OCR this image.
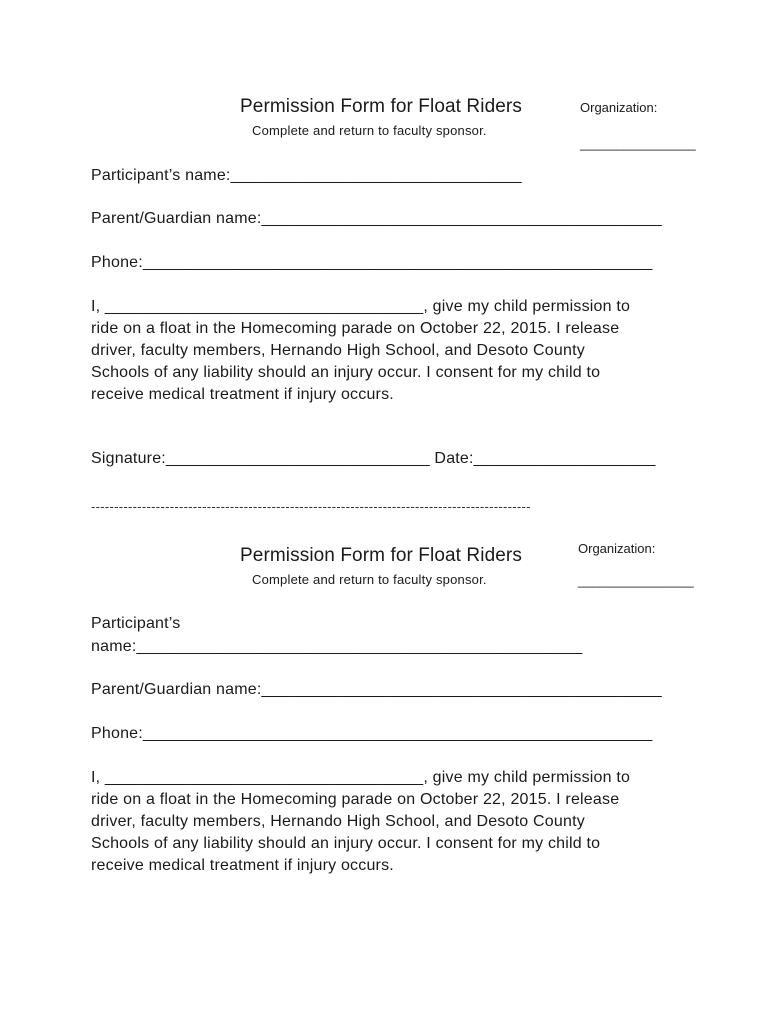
Permission Form for Float Riders
Complete and return to faculty sponsor.
Organization:
________________
Participant’s name:________________________________
Parent/Guardian name:____________________________________________
Phone:________________________________________________________
I, ___________________________________, give my child permission to
ride on a float in the Homecoming parade on October 22, 2015. I release
driver, faculty members, Hernando High School, and Desoto County
Schools of any liability should an injury occur. I consent for my child to
receive medical treatment if injury occurs.
Signature:_____________________________ Date:____________________
-----------------------------------------------------------------------------------------------
Permission Form for Float Riders
Complete and return to faculty sponsor.
Organization:
________________
Participant’s
name:_________________________________________________
Parent/Guardian name:____________________________________________
Phone:________________________________________________________
I, ___________________________________, give my child permission to
ride on a float in the Homecoming parade on October 22, 2015. I release
driver, faculty members, Hernando High School, and Desoto County
Schools of any liability should an injury occur. I consent for my child to
receive medical treatment if injury occurs.
